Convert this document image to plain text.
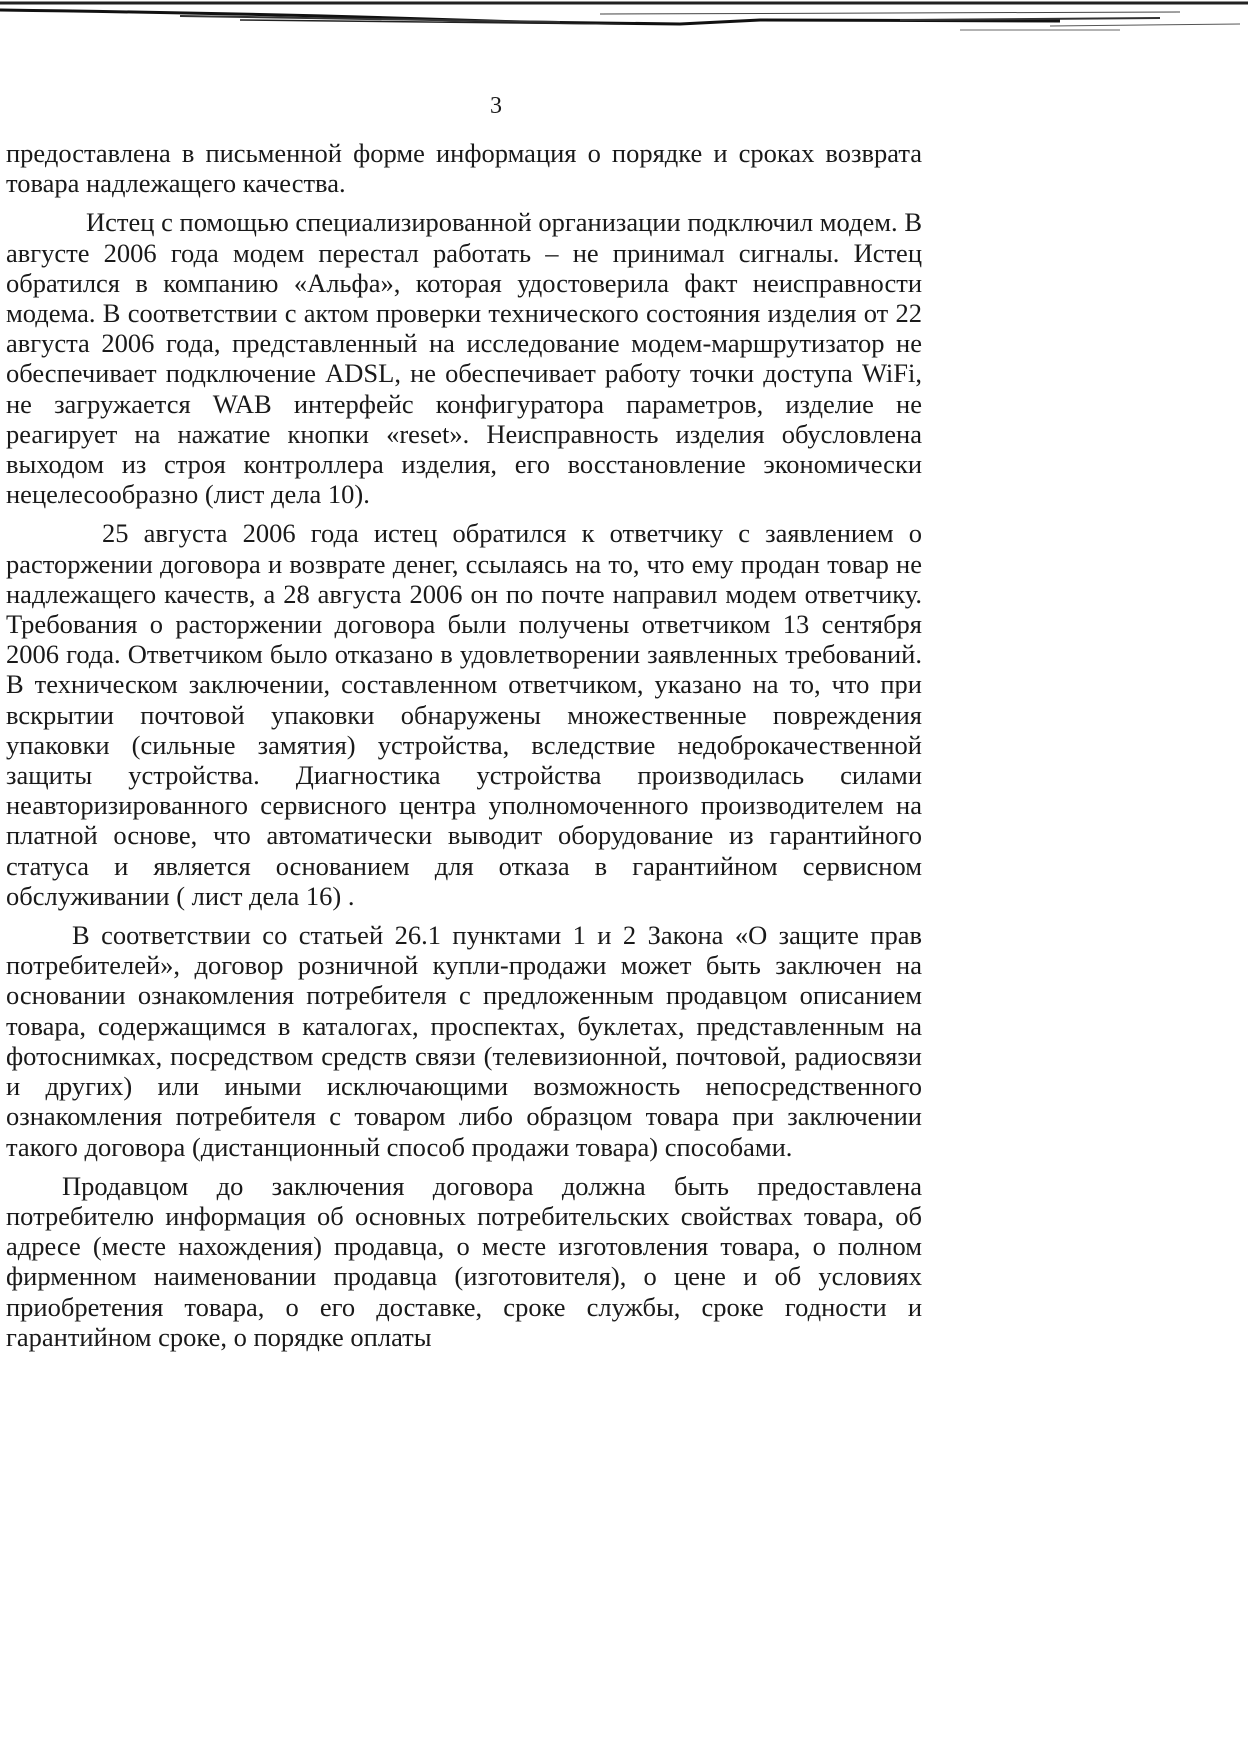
3

предоставлена в письменной форме информация о порядке и сроках возврата товара надлежащего качества.

Истец с помощью специализированной организации подключил модем. В августе 2006 года модем перестал работать – не принимал сигналы. Истец обратился в компанию «Альфа», которая удостоверила факт неисправности модема. В соответствии с актом проверки технического состояния изделия от 22 августа 2006 года, представленный на исследование модем-маршрутизатор не обеспечивает подключение ADSL, не обеспечивает работу точки доступа WiFi, не загружается WAB интерфейс конфигуратора параметров, изделие не реагирует на нажатие кнопки «reset». Неисправность изделия обусловлена выходом из строя контроллера изделия, его восстановление экономически нецелесообразно (лист дела 10).

25 августа 2006 года истец обратился к ответчику с заявлением о расторжении договора и возврате денег, ссылаясь на то, что ему продан товар не надлежащего качеств, а 28 августа 2006 он по почте направил модем ответчику. Требования о расторжении договора были получены ответчиком 13 сентября 2006 года. Ответчиком было отказано в удовлетворении заявленных требований. В техническом заключении, составленном ответчиком, указано на то, что при вскрытии почтовой упаковки обнаружены множественные повреждения упаковки (сильные замятия) устройства, вследствие недоброкачественной защиты устройства. Диагностика устройства производилась силами неавторизированного сервисного центра уполномоченного производителем на платной основе, что автоматически выводит оборудование из гарантийного статуса и является основанием для отказа в гарантийном сервисном обслуживании ( лист дела 16) .

В соответствии со статьей 26.1 пунктами 1 и 2 Закона «О защите прав потребителей», договор розничной купли-продажи может быть заключен на основании ознакомления потребителя с предложенным продавцом описанием товара, содержащимся в каталогах, проспектах, буклетах, представленным на фотоснимках, посредством средств связи (телевизионной, почтовой, радиосвязи и других) или иными исключающими возможность непосредственного ознакомления потребителя с товаром либо образцом товара при заключении такого договора (дистанционный способ продажи товара) способами.

Продавцом до заключения договора должна быть предоставлена потребителю информация об основных потребительских свойствах товара, об адресе (месте нахождения) продавца, о месте изготовления товара, о полном фирменном наименовании продавца (изготовителя), о цене и об условиях приобретения товара, о его доставке, сроке службы, сроке годности и гарантийном сроке, о порядке оплаты
